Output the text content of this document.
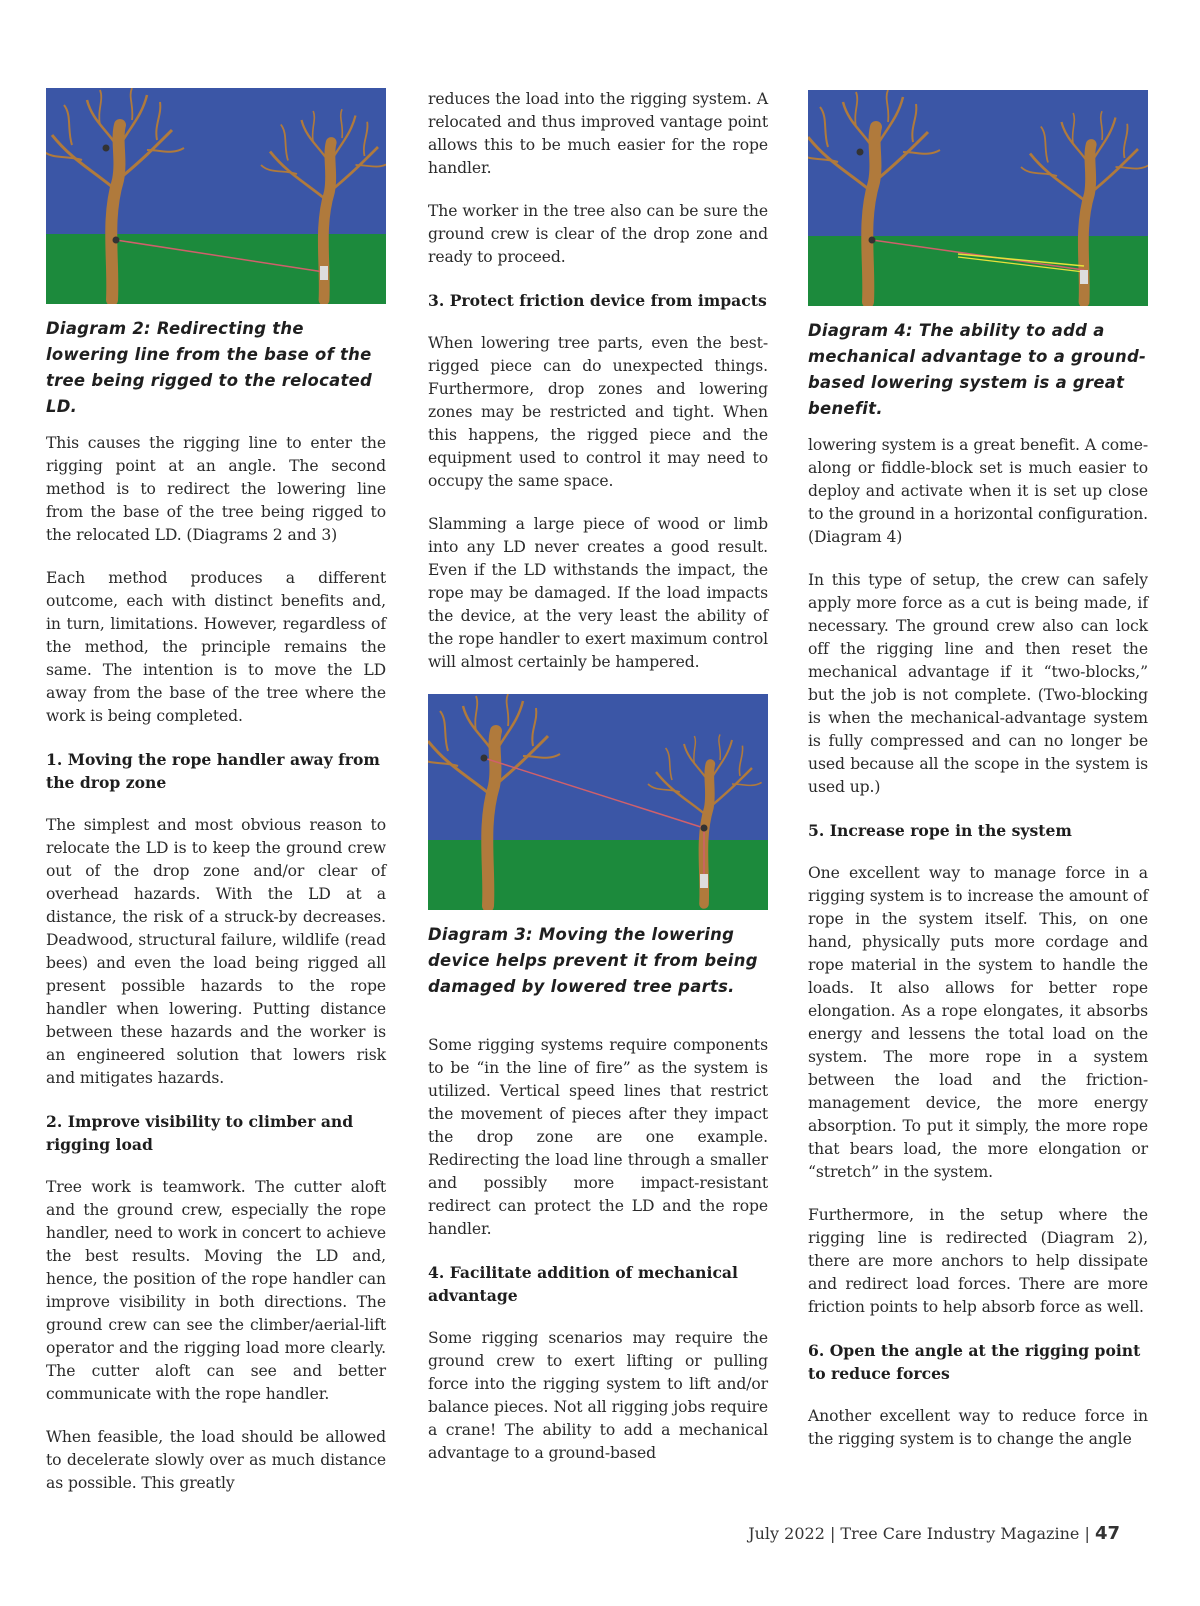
Diagram 2: Redirecting the lowering line from the base of the tree being rigged to the relocated LD.

This causes the rigging line to enter the rigging point at an angle. The second method is to redirect the lowering line from the base of the tree being rigged to the relocated LD. (Diagrams 2 and 3)

Each method produces a different outcome, each with distinct benefits and, in turn, limitations. However, regardless of the method, the principle remains the same. The intention is to move the LD away from the base of the tree where the work is being completed.

1. Moving the rope handler away from the drop zone

The simplest and most obvious reason to relocate the LD is to keep the ground crew out of the drop zone and/or clear of overhead hazards. With the LD at a distance, the risk of a struck-by decreases. Deadwood, structural failure, wildlife (read bees) and even the load being rigged all present possible hazards to the rope handler when lowering. Putting distance between these hazards and the worker is an engineered solution that lowers risk and mitigates hazards.

2. Improve visibility to climber and rigging load

Tree work is teamwork. The cutter aloft and the ground crew, especially the rope handler, need to work in concert to achieve the best results. Moving the LD and, hence, the position of the rope handler can improve visibility in both directions. The ground crew can see the climber/aerial-lift operator and the rigging load more clearly. The cutter aloft can see and better communicate with the rope handler.

When feasible, the load should be allowed to decelerate slowly over as much distance as possible. This greatly

reduces the load into the rigging system. A relocated and thus improved vantage point allows this to be much easier for the rope handler.

The worker in the tree also can be sure the ground crew is clear of the drop zone and ready to proceed.

3. Protect friction device from impacts

When lowering tree parts, even the best-rigged piece can do unexpected things. Furthermore, drop zones and lowering zones may be restricted and tight. When this happens, the rigged piece and the equipment used to control it may need to occupy the same space.

Slamming a large piece of wood or limb into any LD never creates a good result. Even if the LD withstands the impact, the rope may be damaged. If the load impacts the device, at the very least the ability of the rope handler to exert maximum control will almost certainly be hampered.

Diagram 3: Moving the lowering device helps prevent it from being damaged by lowered tree parts.

Some rigging systems require components to be “in the line of fire” as the system is utilized. Vertical speed lines that restrict the movement of pieces after they impact the drop zone are one example. Redirecting the load line through a smaller and possibly more impact-resistant redirect can protect the LD and the rope handler.

4. Facilitate addition of mechanical advantage

Some rigging scenarios may require the ground crew to exert lifting or pulling force into the rigging system to lift and/or balance pieces. Not all rigging jobs require a crane! The ability to add a mechanical advantage to a ground-based

Diagram 4: The ability to add a mechanical advantage to a ground-based lowering system is a great benefit.

lowering system is a great benefit. A come-along or fiddle-block set is much easier to deploy and activate when it is set up close to the ground in a horizontal configuration. (Diagram 4)

In this type of setup, the crew can safely apply more force as a cut is being made, if necessary. The ground crew also can lock off the rigging line and then reset the mechanical advantage if it “two-blocks,” but the job is not complete. (Two-blocking is when the mechanical-advantage system is fully compressed and can no longer be used because all the scope in the system is used up.)

5. Increase rope in the system

One excellent way to manage force in a rigging system is to increase the amount of rope in the system itself. This, on one hand, physically puts more cordage and rope material in the system to handle the loads. It also allows for better rope elongation. As a rope elongates, it absorbs energy and lessens the total load on the system. The more rope in a system between the load and the friction-management device, the more energy absorption. To put it simply, the more rope that bears load, the more elongation or “stretch” in the system.

Furthermore, in the setup where the rigging line is redirected (Diagram 2), there are more anchors to help dissipate and redirect load forces. There are more friction points to help absorb force as well.

6. Open the angle at the rigging point to reduce forces

Another excellent way to reduce force in the rigging system is to change the angle

July 2022 | Tree Care Industry Magazine | 47
